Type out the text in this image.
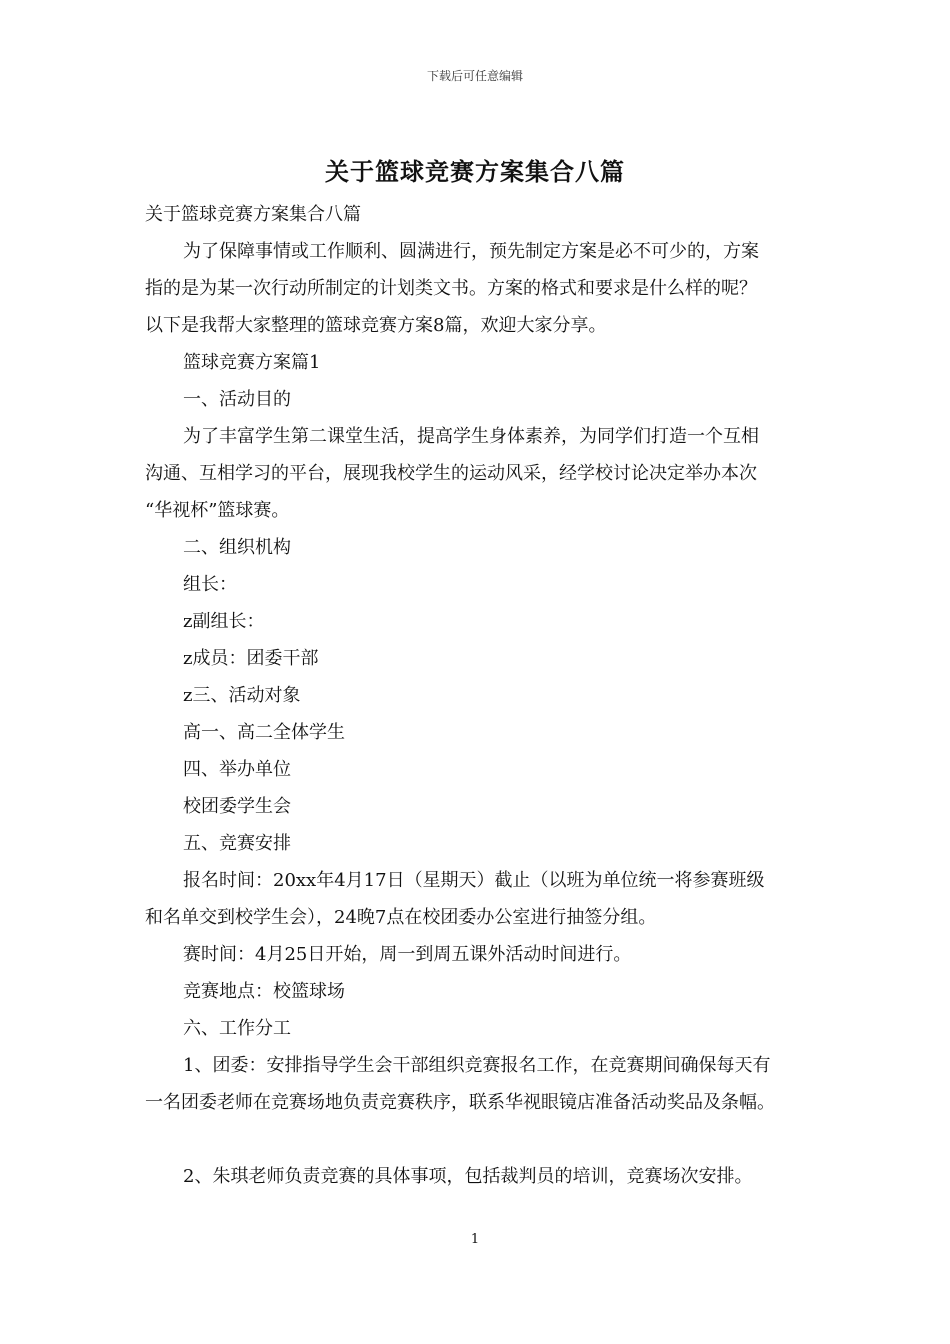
下载后可任意编辑
关于篮球竞赛方案集合八篇

关于篮球竞赛方案集合八篇

为了保障事情或工作顺利、圆满进行，预先制定方案是必不可少的，方案

指的是为某一次行动所制定的计划类文书。方案的格式和要求是什么样的呢？

以下是我帮大家整理的篮球竞赛方案8篇，欢迎大家分享。

篮球竞赛方案篇1

一、活动目的

为了丰富学生第二课堂生活，提高学生身体素养，为同学们打造一个互相

沟通、互相学习的平台，展现我校学生的运动风采，经学校讨论决定举办本次

“华视杯”篮球赛。

二、组织机构

组长：

z副组长：

z成员：团委干部

z三、活动对象

高一、高二全体学生

四、举办单位

校团委学生会

五、竞赛安排

报名时间：20xx年4月17日（星期天）截止（以班为单位统一将参赛班级

和名单交到校学生会），24晚7点在校团委办公室进行抽签分组。

赛时间：4月25日开始，周一到周五课外活动时间进行。

竞赛地点：校篮球场

六、工作分工

1、团委：安排指导学生会干部组织竞赛报名工作，在竞赛期间确保每天有

一名团委老师在竞赛场地负责竞赛秩序，联系华视眼镜店准备活动奖品及条幅。

2、朱琪老师负责竞赛的具体事项，包括裁判员的培训，竞赛场次安排。

1
